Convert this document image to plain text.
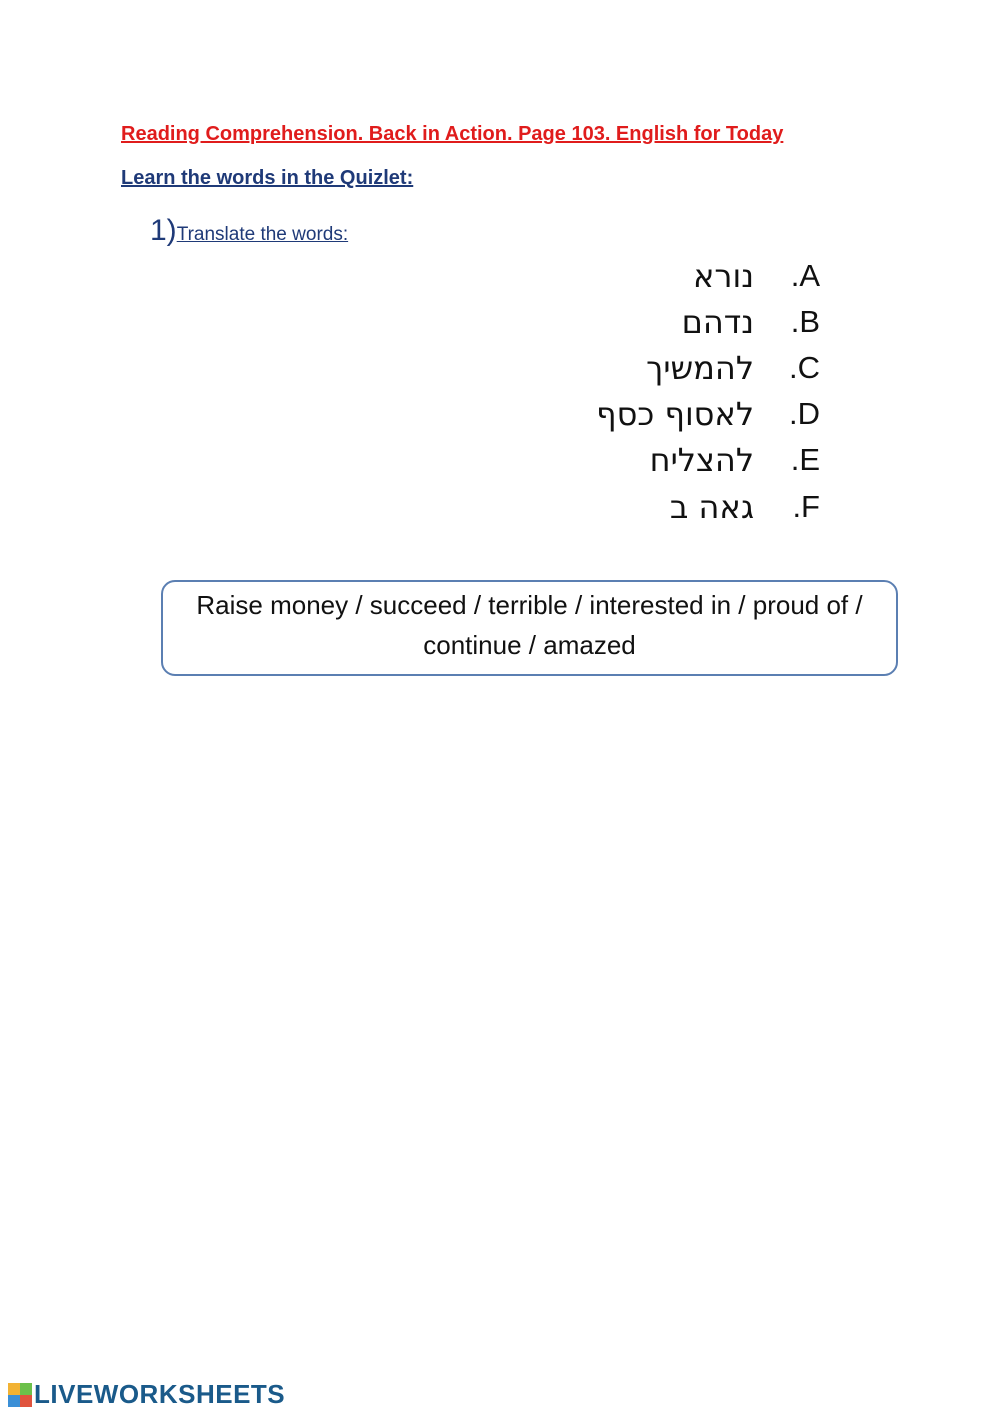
Reading Comprehension. Back in Action. Page 103. English for Today
Learn the words in the Quizlet:
1)Translate the words:
נורא	A.
נדהם	B.
להמשיך	C.
לאסוף כסף	D.
להצליח	E.
גאה ב	F.
Raise money / succeed / terrible / interested in / proud of / continue / amazed
LIVEWORKSHEETS
